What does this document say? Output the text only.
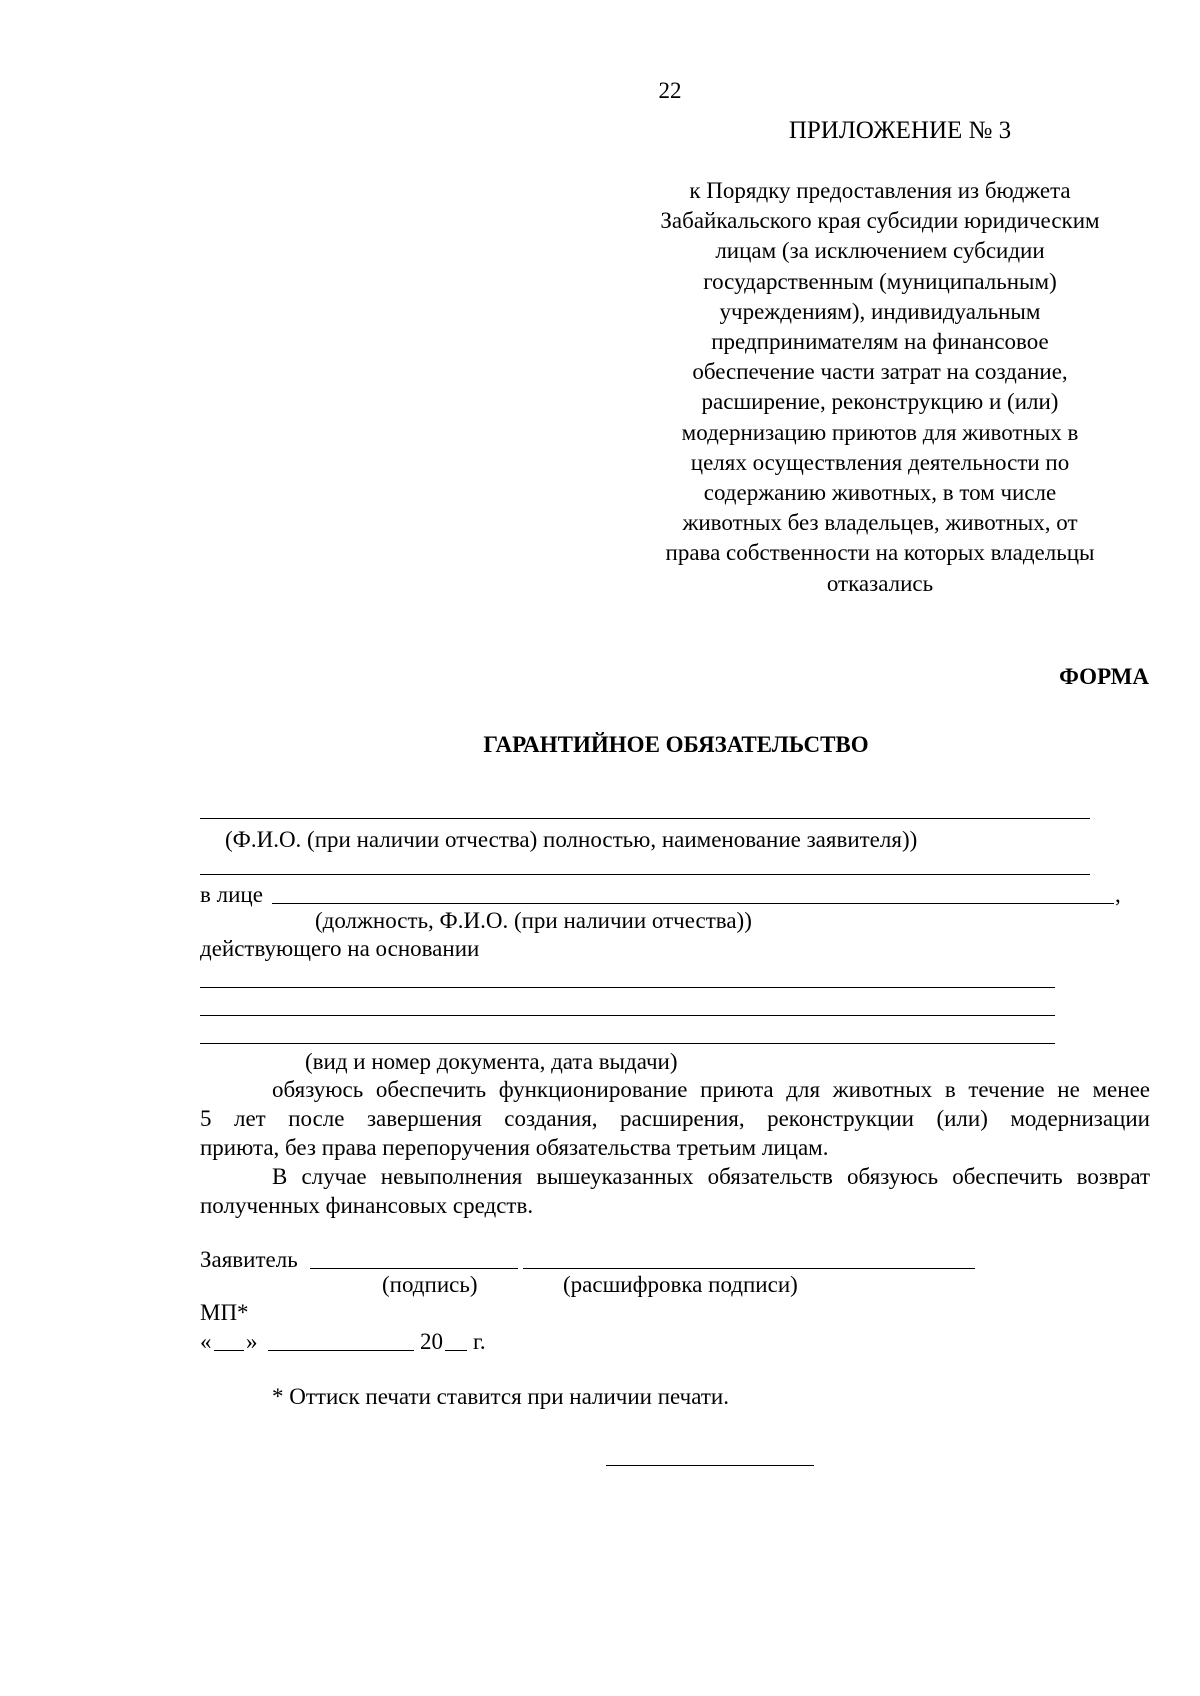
22
ПРИЛОЖЕНИЕ № 3
к Порядку предоставления из бюджета
Забайкальского края субсидии юридическим
лицам (за исключением субсидии
государственным (муниципальным)
учреждениям), индивидуальным
предпринимателям на финансовое
обеспечение части затрат на создание,
расширение, реконструкцию и (или)
модернизацию приютов для животных в
целях осуществления деятельности по
содержанию животных, в том числе
животных без владельцев, животных, от
права собственности на которых владельцы
отказались
ФОРМА
ГАРАНТИЙНОЕ ОБЯЗАТЕЛЬСТВО
(Ф.И.О. (при наличии отчества) полностью, наименование заявителя))
в лице	,
(должность, Ф.И.О. (при наличии отчества))
действующего на основании
(вид и номер документа, дата выдачи)
обязуюсь обеспечить функционирование приюта для животных в течение не менее
5 лет после завершения создания, расширения, реконструкции (или) модернизации
приюта, без права перепоручения обязательства третьим лицам.
В случае невыполнения вышеуказанных обязательств обязуюсь обеспечить возврат
полученных финансовых средств.
Заявитель
(подпись)	(расшифровка подписи)
МП*
« »	20 г.
* Оттиск печати ставится при наличии печати.
